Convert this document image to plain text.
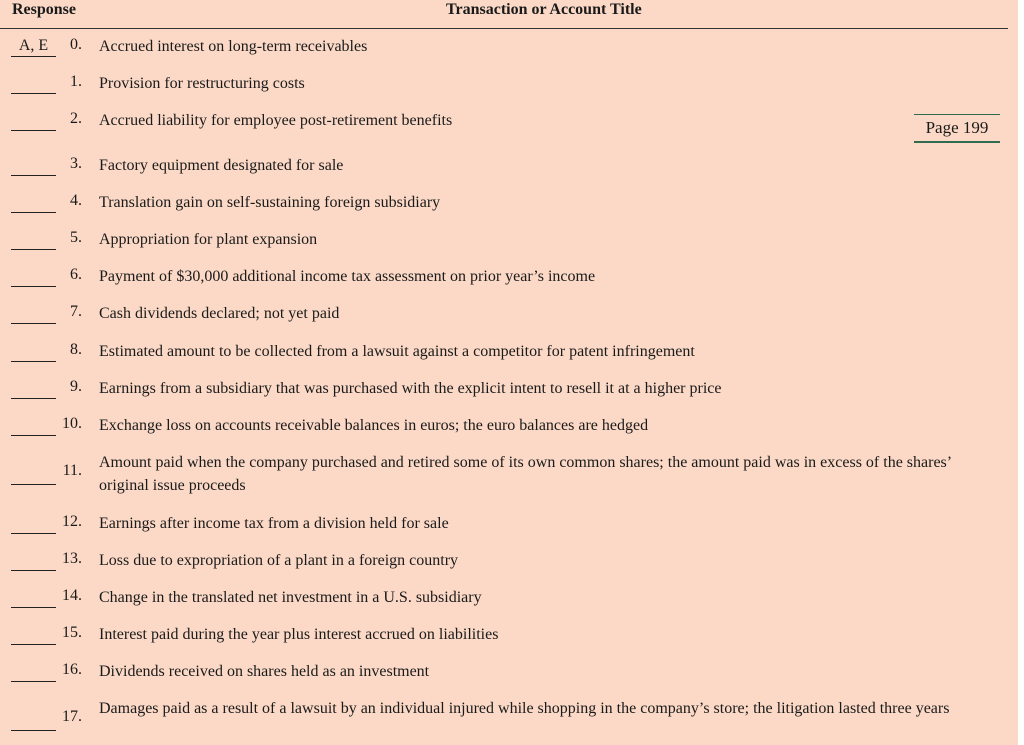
Response	Transaction or Account Title
Page 199
A, E	0. Accrued interest on long-term receivables
1. Provision for restructuring costs
2. Accrued liability for employee post-retirement benefits
3. Factory equipment designated for sale
4. Translation gain on self-sustaining foreign subsidiary
5. Appropriation for plant expansion
6. Payment of $30,000 additional income tax assessment on prior year’s income
7. Cash dividends declared; not yet paid
8. Estimated amount to be collected from a lawsuit against a competitor for patent infringement
9. Earnings from a subsidiary that was purchased with the explicit intent to resell it at a higher price
10. Exchange loss on accounts receivable balances in euros; the euro balances are hedged
11. Amount paid when the company purchased and retired some of its own common shares; the amount paid was in excess of the shares’ original issue proceeds
12. Earnings after income tax from a division held for sale
13. Loss due to expropriation of a plant in a foreign country
14. Change in the translated net investment in a U.S. subsidiary
15. Interest paid during the year plus interest accrued on liabilities
16. Dividends received on shares held as an investment
17. Damages paid as a result of a lawsuit by an individual injured while shopping in the company’s store; the litigation lasted three years
